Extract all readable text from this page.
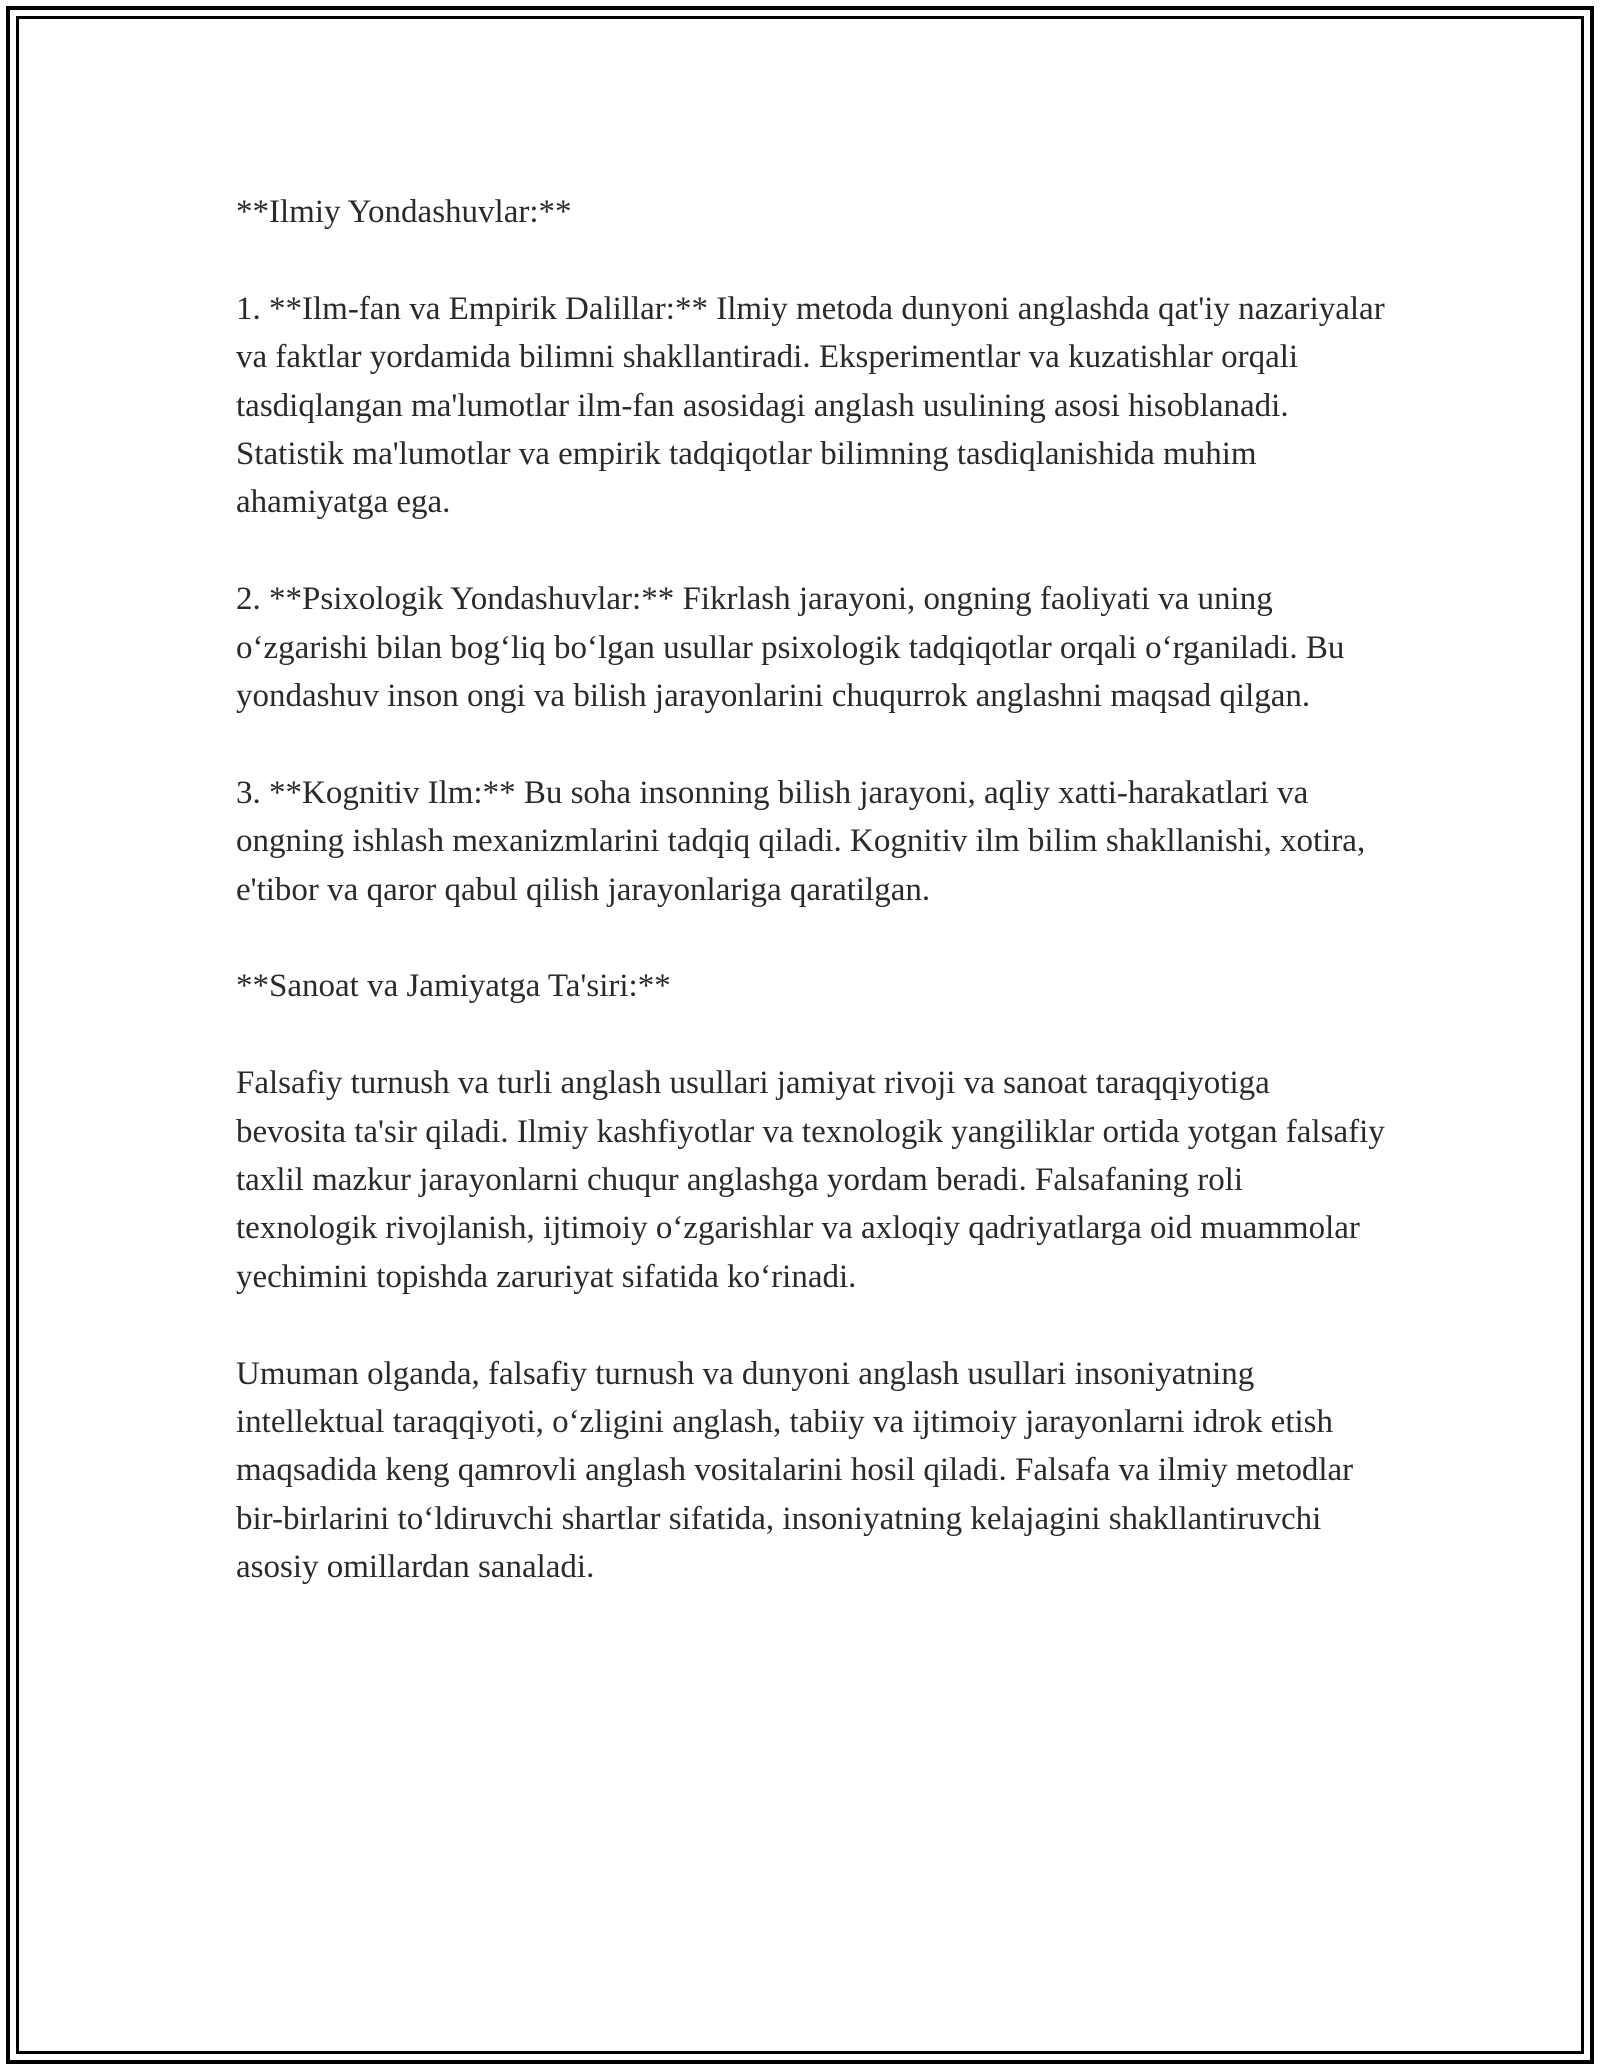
**Ilmiy Yondashuvlar:**

1. **Ilm-fan va Empirik Dalillar:** Ilmiy metoda dunyoni anglashda qat'iy nazariyalar va faktlar yordamida bilimni shakllantiradi. Eksperimentlar va kuzatishlar orqali tasdiqlangan ma'lumotlar ilm-fan asosidagi anglash usulining asosi hisoblanadi. Statistik ma'lumotlar va empirik tadqiqotlar bilimning tasdiqlanishida muhim ahamiyatga ega.

2. **Psixologik Yondashuvlar:** Fikrlash jarayoni, ongning faoliyati va uning o‘zgarishi bilan bog‘liq bo‘lgan usullar psixologik tadqiqotlar orqali o‘rganiladi. Bu yondashuv inson ongi va bilish jarayonlarini chuqurrok anglashni maqsad qilgan.

3. **Kognitiv Ilm:** Bu soha insonning bilish jarayoni, aqliy xatti-harakatlari va ongning ishlash mexanizmlarini tadqiq qiladi. Kognitiv ilm bilim shakllanishi, xotira, e'tibor va qaror qabul qilish jarayonlariga qaratilgan.

**Sanoat va Jamiyatga Ta'siri:**

Falsafiy turnush va turli anglash usullari jamiyat rivoji va sanoat taraqqiyotiga bevosita ta'sir qiladi. Ilmiy kashfiyotlar va texnologik yangiliklar ortida yotgan falsafiy taxlil mazkur jarayonlarni chuqur anglashga yordam beradi. Falsafaning roli texnologik rivojlanish, ijtimoiy o‘zgarishlar va axloqiy qadriyatlarga oid muammolar yechimini topishda zaruriyat sifatida ko‘rinadi.

Umuman olganda, falsafiy turnush va dunyoni anglash usullari insoniyatning intellektual taraqqiyoti, o‘zligini anglash, tabiiy va ijtimoiy jarayonlarni idrok etish maqsadida keng qamrovli anglash vositalarini hosil qiladi. Falsafa va ilmiy metodlar bir-birlarini to‘ldiruvchi shartlar sifatida, insoniyatning kelajagini shakllantiruvchi asosiy omillardan sanaladi.
